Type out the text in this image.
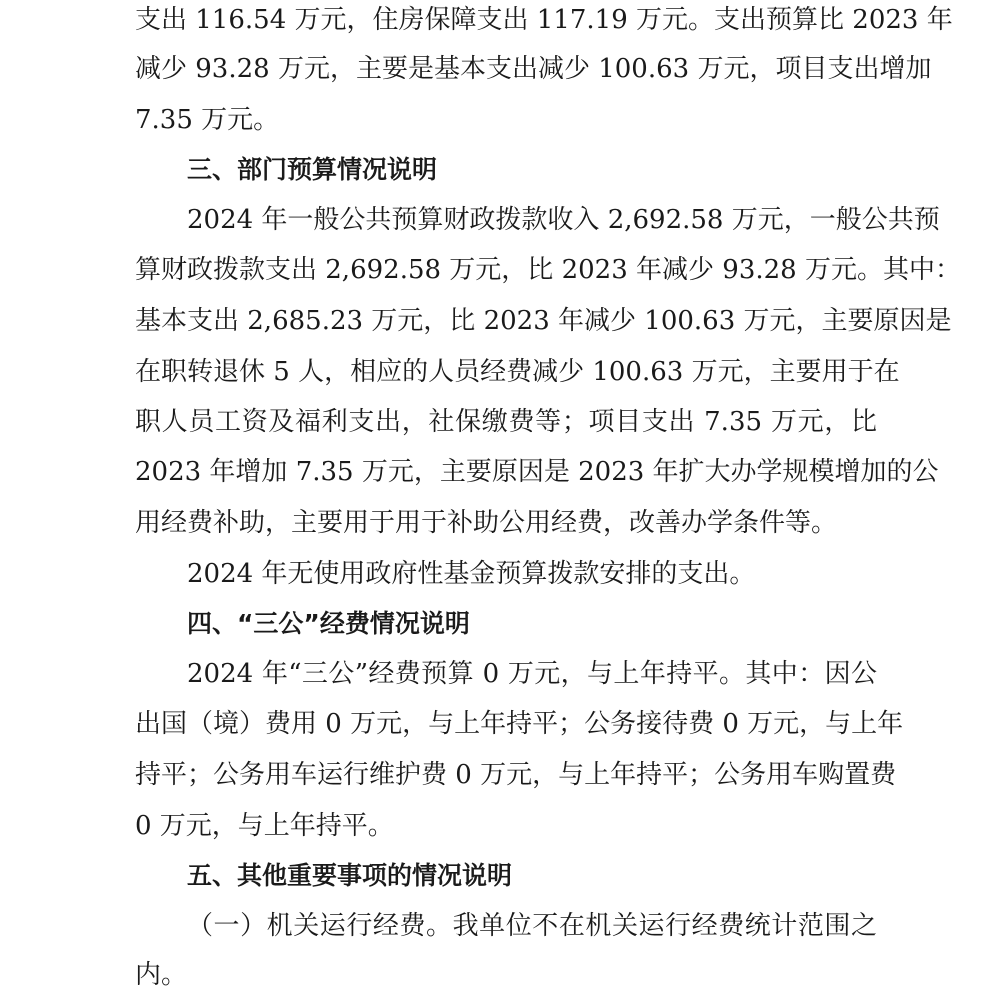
支出 116.54 万元，住房保障支出 117.19 万元。支出预算比 2023 年
减少 93.28 万元，主要是基本支出减少 100.63 万元，项目支出增加
7.35 万元。
三、部门预算情况说明
2024 年一般公共预算财政拨款收入 2,692.58 万元，一般公共预
算财政拨款支出 2,692.58 万元，比 2023 年减少 93.28 万元。其中：
基本支出 2,685.23 万元，比 2023 年减少 100.63 万元，主要原因是
在职转退休 5 人，相应的人员经费减少 100.63 万元，主要用于在
职人员工资及福利支出，社保缴费等；项目支出 7.35 万元，比
2023 年增加 7.35 万元，主要原因是 2023 年扩大办学规模增加的公
用经费补助，主要用于用于补助公用经费，改善办学条件等。
2024 年无使用政府性基金预算拨款安排的支出。
四、“三公”经费情况说明
2024 年“三公”经费预算 0 万元，与上年持平。其中：因公
出国（境）费用 0 万元，与上年持平；公务接待费 0 万元，与上年
持平；公务用车运行维护费 0 万元，与上年持平；公务用车购置费
0 万元，与上年持平。
五、其他重要事项的情况说明
（一）机关运行经费。我单位不在机关运行经费统计范围之
内。
